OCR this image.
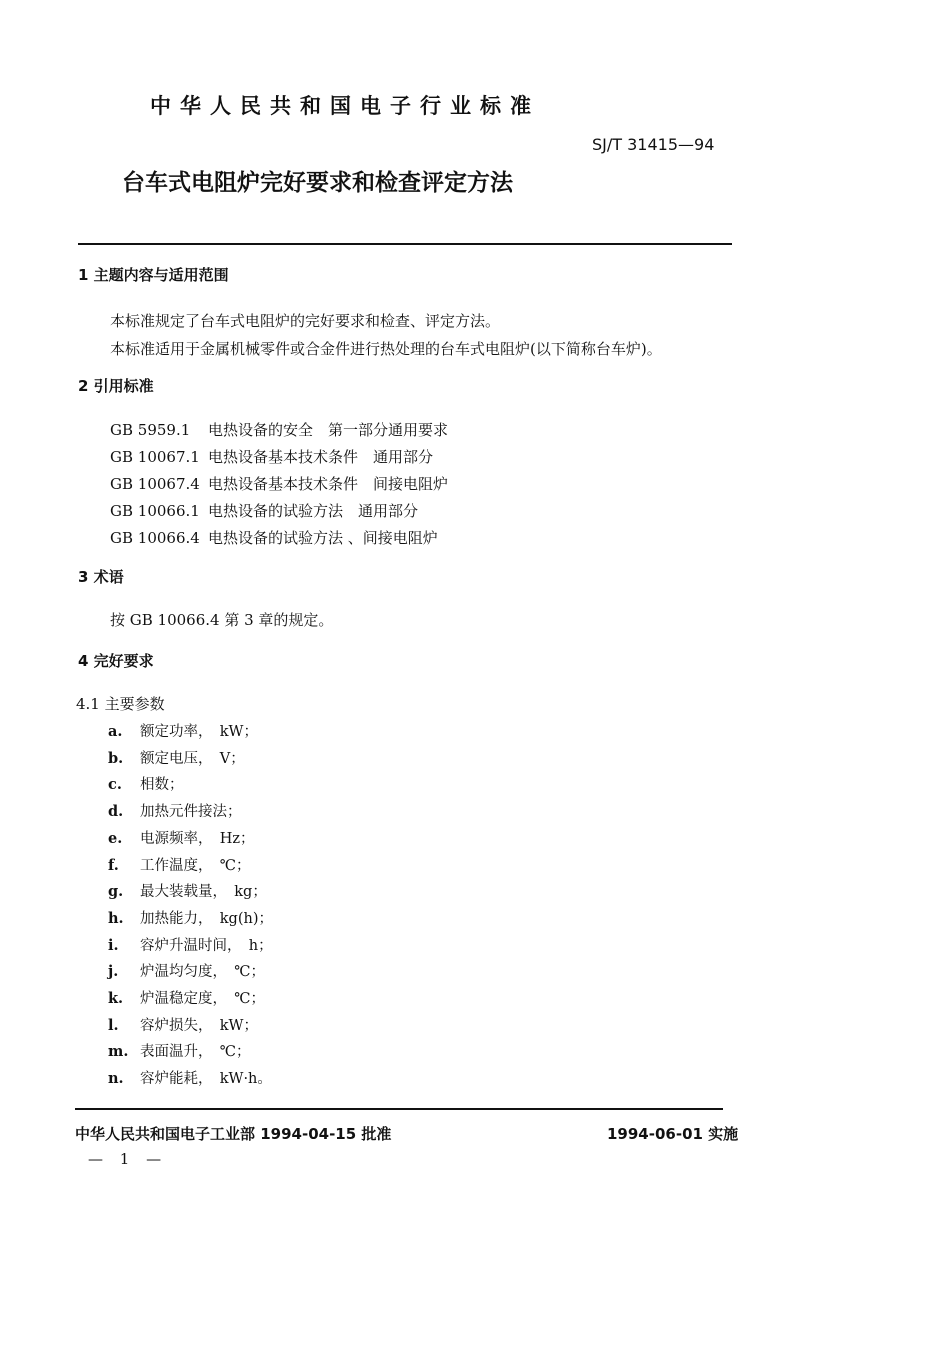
中华人民共和国电子行业标准
SJ/T 31415—94
台车式电阻炉完好要求和检查评定方法
1 主题内容与适用范围
本标准规定了台车式电阻炉的完好要求和检查、评定方法。
本标准适用于金属机械零件或合金件进行热处理的台车式电阻炉(以下简称台车炉)。
2 引用标准
GB 5959.1 电热设备的安全　第一部分通用要求
GB 10067.1 电热设备基本技术条件　通用部分
GB 10067.4 电热设备基本技术条件　间接电阻炉
GB 10066.1 电热设备的试验方法　通用部分
GB 10066.4 电热设备的试验方法 、间接电阻炉
3 术语
按 GB 10066.4 第 3 章的规定。
4 完好要求
4.1 主要参数
a. 额定功率，　kW；
b. 额定电压，　V；
c. 相数；
d. 加热元件接法；
e. 电源频率，　Hz；
f. 工作温度，　℃；
g. 最大装载量，　kg；
h. 加热能力，　kg(h)；
i. 容炉升温时间，　h；
j. 炉温均匀度，　℃；
k. 炉温稳定度，　℃；
l. 容炉损失，　kW；
m. 表面温升，　℃；
n. 容炉能耗，　kW·h。
中华人民共和国电子工业部 1994-04-15 批准	1994-06-01 实施
— 1 —
